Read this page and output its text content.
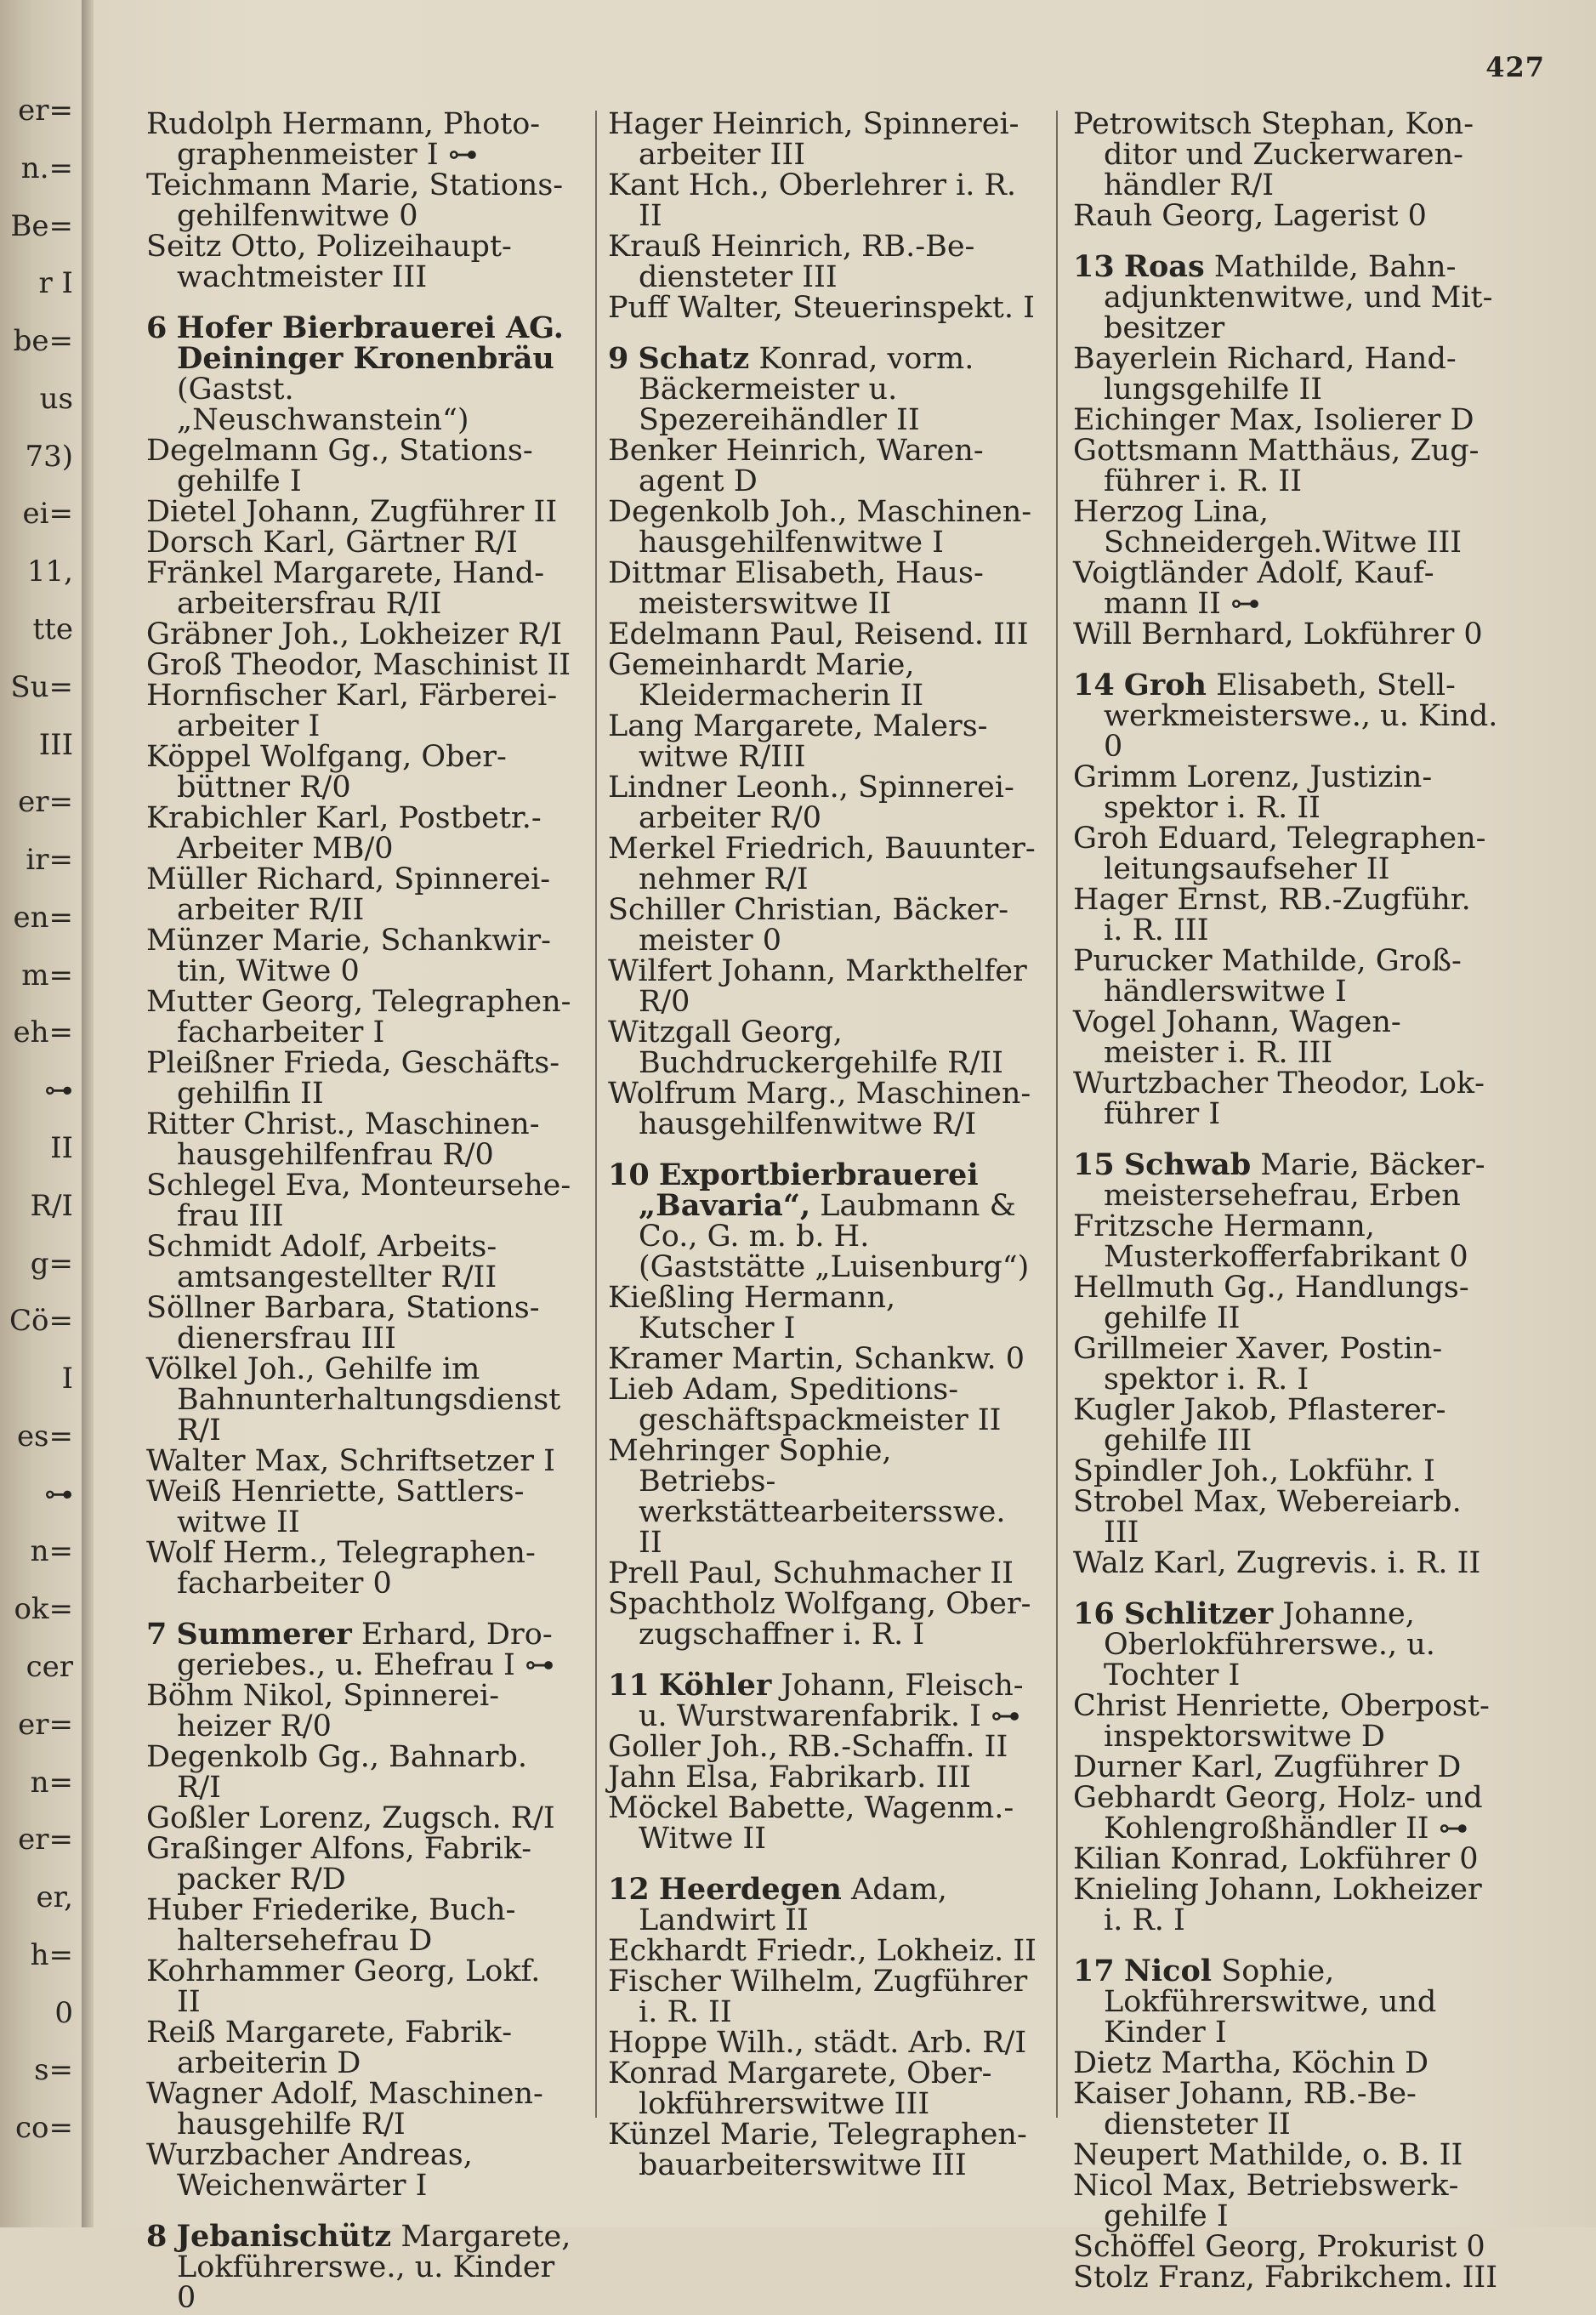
er=
n.=
Be=
r I
be=
us
73)
ei=
11,
tte
Su=
III
er=
ir=
en=
m=
eh=
⊶
II
R/I
g=
Cö=
I
es=
⊶
n=
ok=
cer
er=
n=
er=
er,
h=
0
s=
co=
427
Rudolph Hermann, Photographenmeister I ⊶
Teichmann Marie, Stationsgehilfenwitwe 0
Seitz Otto, Polizeihauptwachtmeister III
6 Hofer Bierbrauerei AG. Deininger Kronenbräu (Gastst. „Neuschwanstein“)
Degelmann Gg., Stationsgehilfe I
Dietel Johann, Zugführer II
Dorsch Karl, Gärtner R/I
Fränkel Margarete, Handarbeitersfrau R/II
Gräbner Joh., Lokheizer R/I
Groß Theodor, Maschinist II
Hornfischer Karl, Färbereiarbeiter I
Köppel Wolfgang, Oberbüttner R/0
Krabichler Karl, Postbetr.Arbeiter MB/0
Müller Richard, Spinnereiarbeiter R/II
Münzer Marie, Schankwirtin, Witwe 0
Mutter Georg, Telegraphenfacharbeiter I
Pleißner Frieda, Geschäftsgehilfin II
Ritter Christ., Maschinenhausgehilfenfrau R/0
Schlegel Eva, Monteursehefrau III
Schmidt Adolf, Arbeitsamtsangestellter R/II
Söllner Barbara, Stationsdienersfrau III
Völkel Joh., Gehilfe im Bahnunterhaltungsdienst R/I
Walter Max, Schriftsetzer I
Weiß Henriette, Sattlerswitwe II
Wolf Herm., Telegraphenfacharbeiter 0
7 Summerer Erhard, Drogeriebes., u. Ehefrau I ⊶
Böhm Nikol, Spinnereiheizer R/0
Degenkolb Gg., Bahnarb. R/I
Goßler Lorenz, Zugsch. R/I
Graßinger Alfons, Fabrikpacker R/D
Huber Friederike, Buchhaltersehefrau D
Kohrhammer Georg, Lokf. II
Reiß Margarete, Fabrikarbeiterin D
Wagner Adolf, Maschinenhausgehilfe R/I
Wurzbacher Andreas, Weichenwärter I
8 Jebanischütz Margarete, Lokführerswe., u. Kinder 0
Hager Heinrich, Spinnereiarbeiter III
Kant Hch., Oberlehrer i. R. II
Krauß Heinrich, RB.-Bediensteter III
Puff Walter, Steuerinspekt. I
9 Schatz Konrad, vorm. Bäckermeister u. Spezereihändler II
Benker Heinrich, Warenagent D
Degenkolb Joh., Maschinenhausgehilfenwitwe I
Dittmar Elisabeth, Hausmeisterswitwe II
Edelmann Paul, Reisend. III
Gemeinhardt Marie, Kleidermacherin II
Lang Margarete, Malerswitwe R/III
Lindner Leonh., Spinnereiarbeiter R/0
Merkel Friedrich, Bauunternehmer R/I
Schiller Christian, Bäckermeister 0
Wilfert Johann, Markthelfer R/0
Witzgall Georg, Buchdruckergehilfe R/II
Wolfrum Marg., Maschinenhausgehilfenwitwe R/I
10 Exportbierbrauerei „Bavaria“, Laubmann & Co., G. m. b. H. (Gaststätte „Luisenburg“)
Kießling Hermann, Kutscher I
Kramer Martin, Schankw. 0
Lieb Adam, Speditionsgeschäftspackmeister II
Mehringer Sophie, Betriebswerkstättearbeitersswe. II
Prell Paul, Schuhmacher II
Spachtholz Wolfgang, Oberzugschaffner i. R. I
11 Köhler Johann, Fleischu. Wurstwarenfabrik. I ⊶
Goller Joh., RB.-Schaffn. II
Jahn Elsa, Fabrikarb. III
Möckel Babette, Wagenm.Witwe II
12 Heerdegen Adam, Landwirt II
Eckhardt Friedr., Lokheiz. II
Fischer Wilhelm, Zugführer i. R. II
Hoppe Wilh., städt. Arb. R/I
Konrad Margarete, Oberlokführerswitwe III
Künzel Marie, Telegraphenbauarbeiterswitwe III
Petrowitsch Stephan, Konditor und Zuckerwarenhändler R/I
Rauh Georg, Lagerist 0
13 Roas Mathilde, Bahnadjunktenwitwe, und Mitbesitzer
Bayerlein Richard, Handlungsgehilfe II
Eichinger Max, Isolierer D
Gottsmann Matthäus, Zugführer i. R. II
Herzog Lina, Schneidergeh.Witwe III
Voigtländer Adolf, Kaufmann II ⊶
Will Bernhard, Lokführer 0
14 Groh Elisabeth, Stellwerkmeisterswe., u. Kind. 0
Grimm Lorenz, Justizinspektor i. R. II
Groh Eduard, Telegraphenleitungsaufseher II
Hager Ernst, RB.-Zugführ. i. R. III
Purucker Mathilde, Großhändlerswitwe I
Vogel Johann, Wagenmeister i. R. III
Wurtzbacher Theodor, Lokführer I
15 Schwab Marie, Bäckermeistersehefrau, Erben
Fritzsche Hermann, Musterkofferfabrikant 0
Hellmuth Gg., Handlungsgehilfe II
Grillmeier Xaver, Postinspektor i. R. I
Kugler Jakob, Pflasterergehilfe III
Spindler Joh., Lokführ. I
Strobel Max, Webereiarb. III
Walz Karl, Zugrevis. i. R. II
16 Schlitzer Johanne, Oberlokführerswe., u. Tochter I
Christ Henriette, Oberpostinspektorswitwe D
Durner Karl, Zugführer D
Gebhardt Georg, Holz- und Kohlengroßhändler II ⊶
Kilian Konrad, Lokführer 0
Knieling Johann, Lokheizer i. R. I
17 Nicol Sophie, Lokführerswitwe, und Kinder I
Dietz Martha, Köchin D
Kaiser Johann, RB.-Bediensteter II
Neupert Mathilde, o. B. II
Nicol Max, Betriebswerkgehilfe I
Schöffel Georg, Prokurist 0
Stolz Franz, Fabrikchem. III
